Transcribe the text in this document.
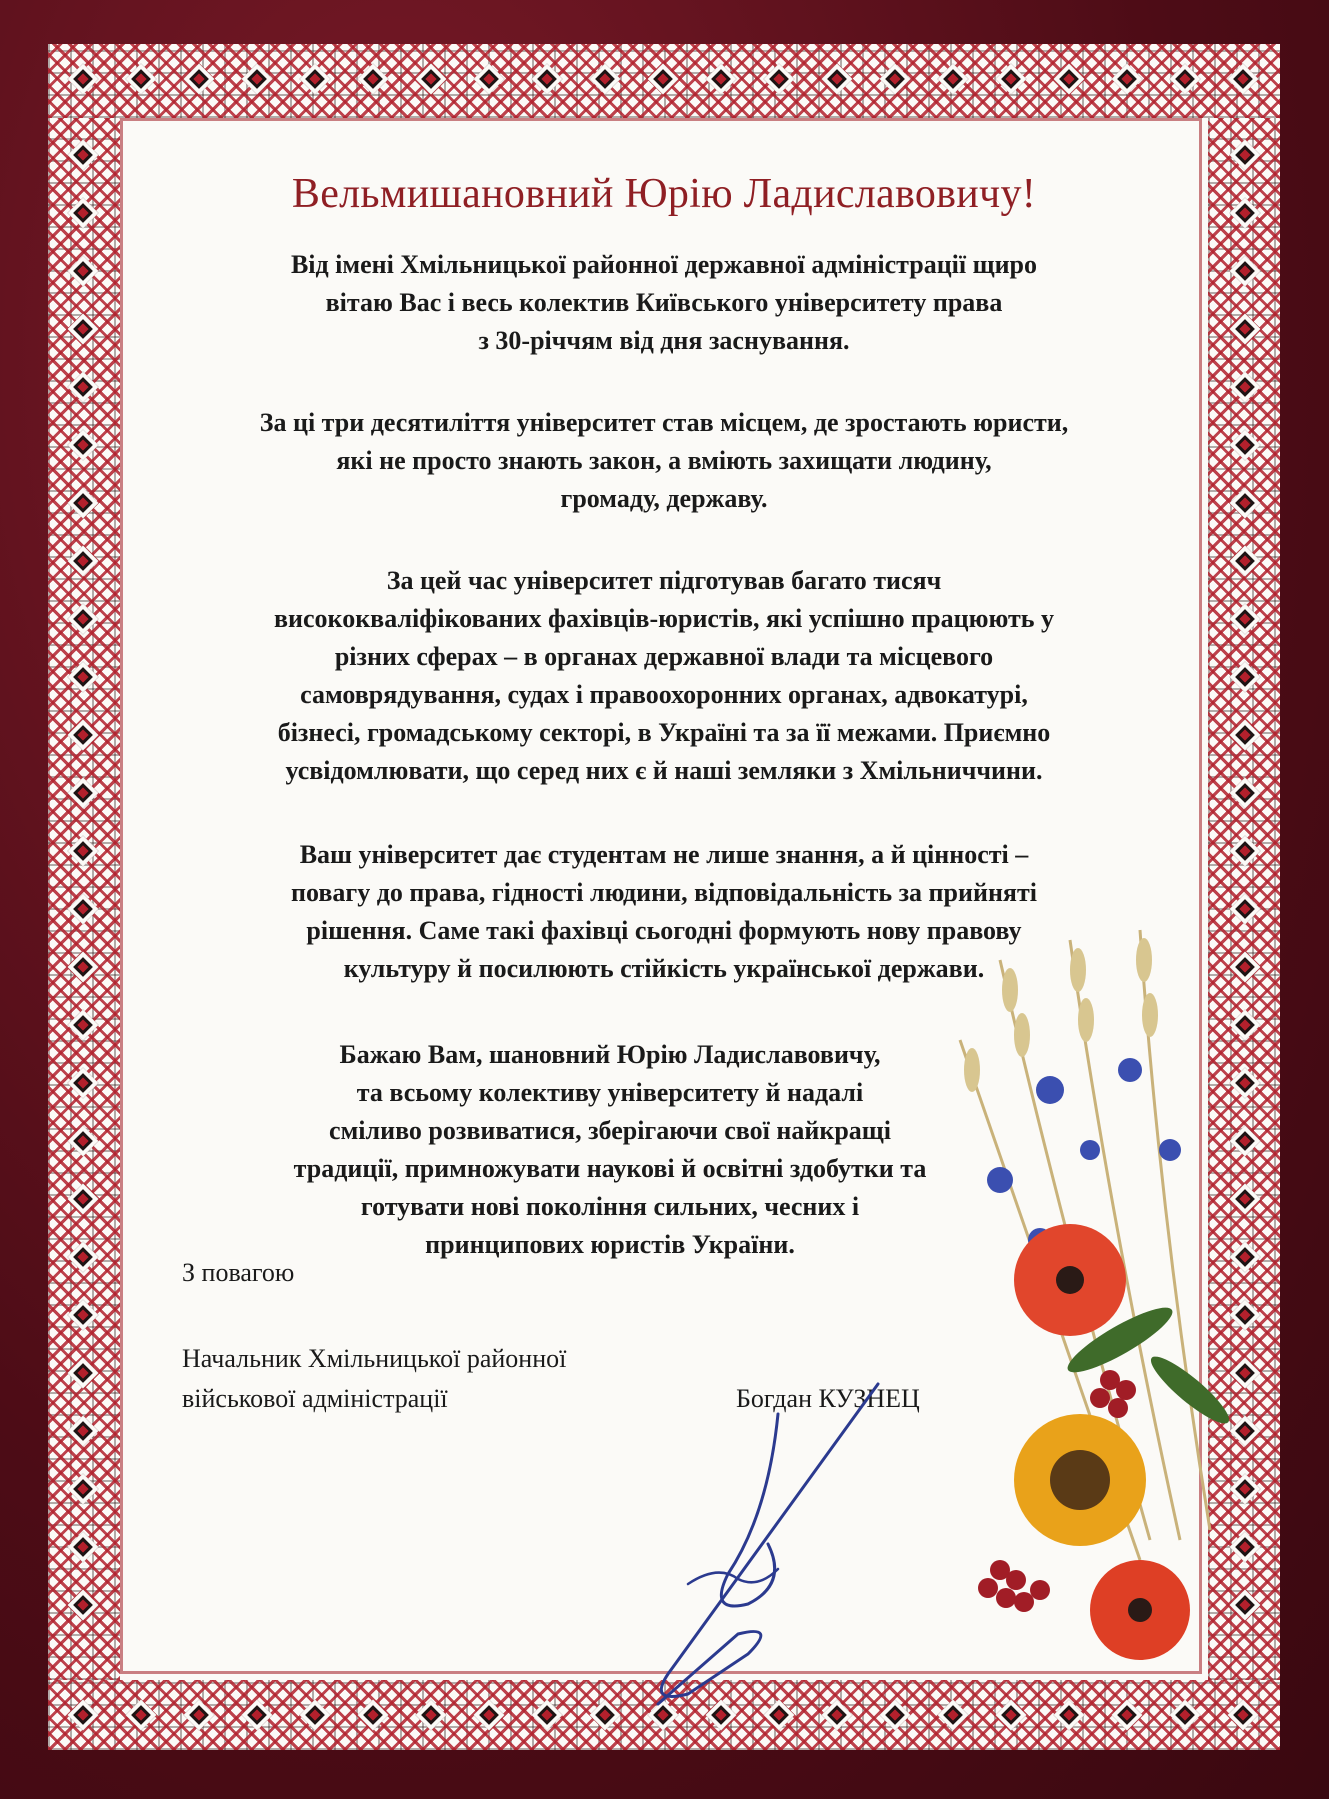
Вельмишановний Юрію Ладиславовичу!

Від імені Хмільницької районної державної адміністрації щиро
вітаю Вас і весь колектив Київського університету права
з 30-річчям від дня заснування.

За ці три десятиліття університет став місцем, де зростають юристи,
які не просто знають закон, а вміють захищати людину,
громаду, державу.

За цей час університет підготував багато тисяч
висококваліфікованих фахівців-юристів, які успішно працюють у
різних сферах – в органах державної влади та місцевого
самоврядування, судах і правоохоронних органах, адвокатурі,
бізнесі, громадському секторі, в Україні та за її межами. Приємно
усвідомлювати, що серед них є й наші земляки з Хмільниччини.

Ваш університет дає студентам не лише знання, а й цінності –
повагу до права, гідності людини, відповідальність за прийняті
рішення. Саме такі фахівці сьогодні формують нову правову
культуру й посилюють стійкість української держави.

Бажаю Вам, шановний Юрію Ладиславовичу,
та всьому колективу університету й надалі
сміливо розвиватися, зберігаючи свої найкращі
традиції, примножувати наукові й освітні здобутки та
готувати нові покоління сильних, чесних і
принципових юристів України.

З повагою
Начальник Хмільницької районної
військової адміністрації	Богдан КУЗНЕЦ
